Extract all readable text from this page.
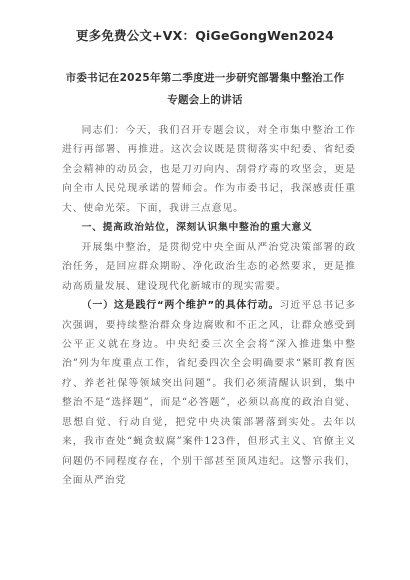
更多免费公文+VX：QiGeGongWen2024
市委书记在2025年第二季度进一步研究部署集中整治工作
专题会上的讲话

同志们：今天，我们召开专题会议，对全市集中整治工作进行再部署、再推进。这次会议既是贯彻落实中纪委、省纪委全会精神的动员会，也是刀刃向内、刮骨疗毒的攻坚会，更是向全市人民兑现承诺的誓师会。作为市委书记，我深感责任重大、使命光荣。下面，我讲三点意见。

一、提高政治站位，深刻认识集中整治的重大意义

开展集中整治，是贯彻党中央全面从严治党决策部署的政治任务，是回应群众期盼、净化政治生态的必然要求，更是推动高质量发展、建设现代化新城市的现实需要。

（一）这是践行“两个维护”的具体行动。习近平总书记多次强调，要持续整治群众身边腐败和不正之风，让群众感受到公平正义就在身边。中央纪委三次全会将“深入推进集中整治”列为年度重点工作，省纪委四次全会明确要求“紧盯教育医疗、养老社保等领域突出问题”。我们必须清醒认识到，集中整治不是“选择题”，而是“必答题”，必须以高度的政治自觉、思想自觉、行动自觉，把党中央决策部署落到实处。去年以来，我市查处“蝇贪蚁腐”案件123件，但形式主义、官僚主义问题仍不同程度存在，个别干部甚至顶风违纪。这警示我们，全面从严治党
